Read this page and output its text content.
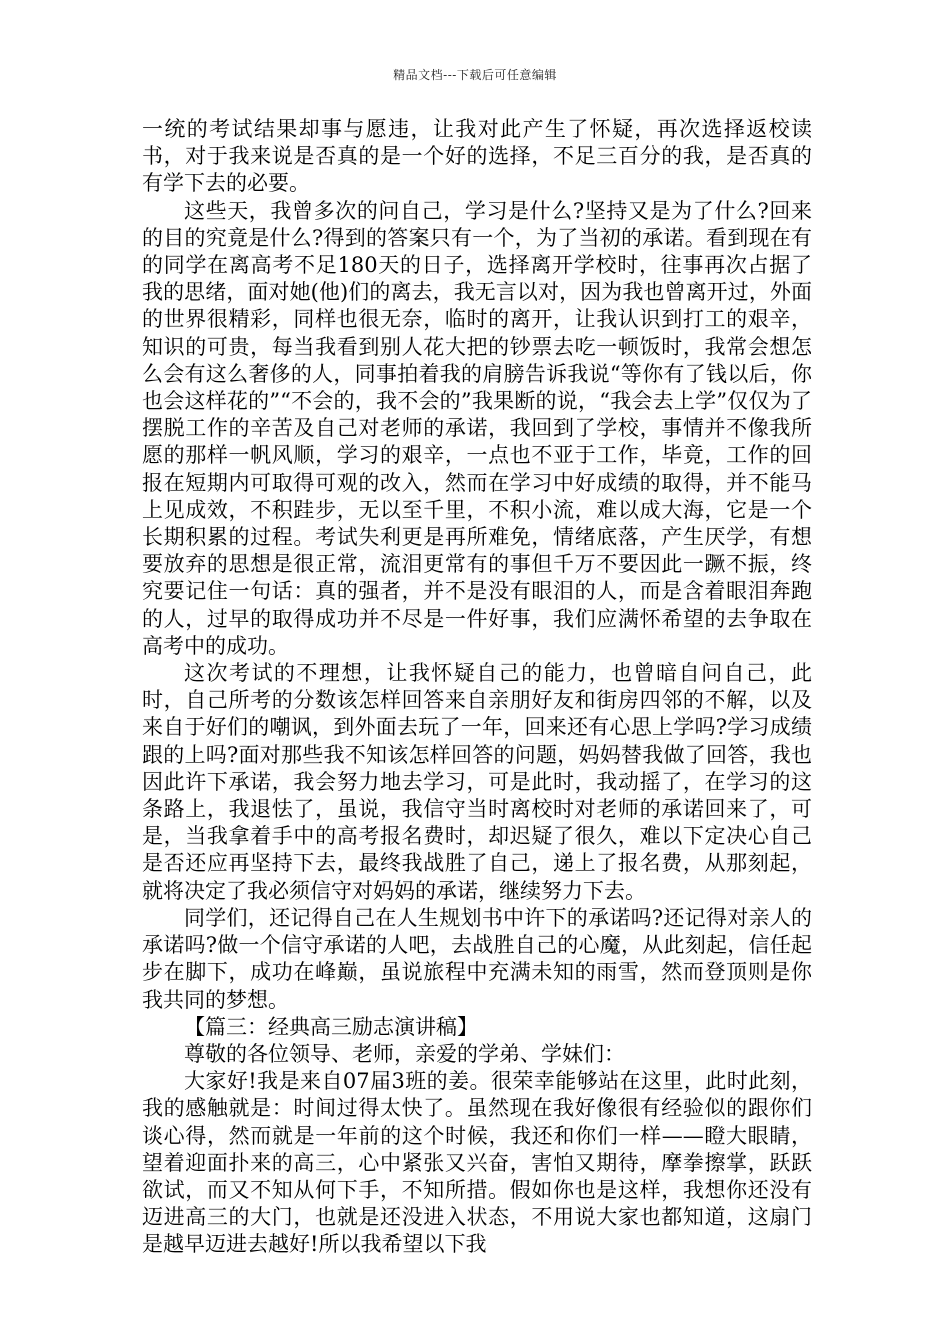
精品文档---下载后可任意编辑

一统的考试结果却事与愿违，让我对此产生了怀疑，再次选择返校读书，对于我来说是否真的是一个好的选择，不足三百分的我，是否真的有学下去的必要。

这些天，我曾多次的问自己，学习是什么?坚持又是为了什么?回来的目的究竟是什么?得到的答案只有一个，为了当初的承诺。看到现在有的同学在离高考不足180天的日子，选择离开学校时，往事再次占据了我的思绪，面对她(他)们的离去，我无言以对，因为我也曾离开过，外面的世界很精彩，同样也很无奈，临时的离开，让我认识到打工的艰辛，知识的可贵，每当我看到别人花大把的钞票去吃一顿饭时，我常会想怎么会有这么奢侈的人，同事拍着我的肩膀告诉我说“等你有了钱以后，你也会这样花的”“不会的，我不会的”我果断的说，“我会去上学”仅仅为了摆脱工作的辛苦及自己对老师的承诺，我回到了学校，事情并不像我所愿的那样一帆风顺，学习的艰辛，一点也不亚于工作，毕竟，工作的回报在短期内可取得可观的改入，然而在学习中好成绩的取得，并不能马上见成效，不积跬步，无以至千里，不积小流，难以成大海，它是一个长期积累的过程。考试失利更是再所难免，情绪底落，产生厌学，有想要放弃的思想是很正常，流泪更常有的事但千万不要因此一蹶不振，终究要记住一句话：真的强者，并不是没有眼泪的人，而是含着眼泪奔跑的人，过早的取得成功并不尽是一件好事，我们应满怀希望的去争取在高考中的成功。

这次考试的不理想，让我怀疑自己的能力，也曾暗自问自己，此时，自己所考的分数该怎样回答来自亲朋好友和街房四邻的不解，以及来自于好们的嘲讽，到外面去玩了一年，回来还有心思上学吗?学习成绩跟的上吗?面对那些我不知该怎样回答的问题，妈妈替我做了回答，我也因此许下承诺，我会努力地去学习，可是此时，我动摇了，在学习的这条路上，我退怯了，虽说，我信守当时离校时对老师的承诺回来了，可是，当我拿着手中的高考报名费时，却迟疑了很久，难以下定决心自己是否还应再坚持下去，最终我战胜了自己，递上了报名费，从那刻起，就将决定了我必须信守对妈妈的承诺，继续努力下去。

同学们，还记得自己在人生规划书中许下的承诺吗?还记得对亲人的承诺吗?做一个信守承诺的人吧，去战胜自己的心魔，从此刻起，信任起步在脚下，成功在峰巅，虽说旅程中充满未知的雨雪，然而登顶则是你我共同的梦想。

【篇三：经典高三励志演讲稿】

尊敬的各位领导、老师，亲爱的学弟、学妹们：

大家好!我是来自07届3班的姜。很荣幸能够站在这里，此时此刻，我的感触就是：时间过得太快了。虽然现在我好像很有经验似的跟你们谈心得，然而就是一年前的这个时候，我还和你们一样——瞪大眼睛，望着迎面扑来的高三，心中紧张又兴奋，害怕又期待，摩拳擦掌，跃跃欲试，而又不知从何下手，不知所措。假如你也是这样，我想你还没有迈进高三的大门，也就是还没进入状态，不用说大家也都知道，这扇门是越早迈进去越好!所以我希望以下我
